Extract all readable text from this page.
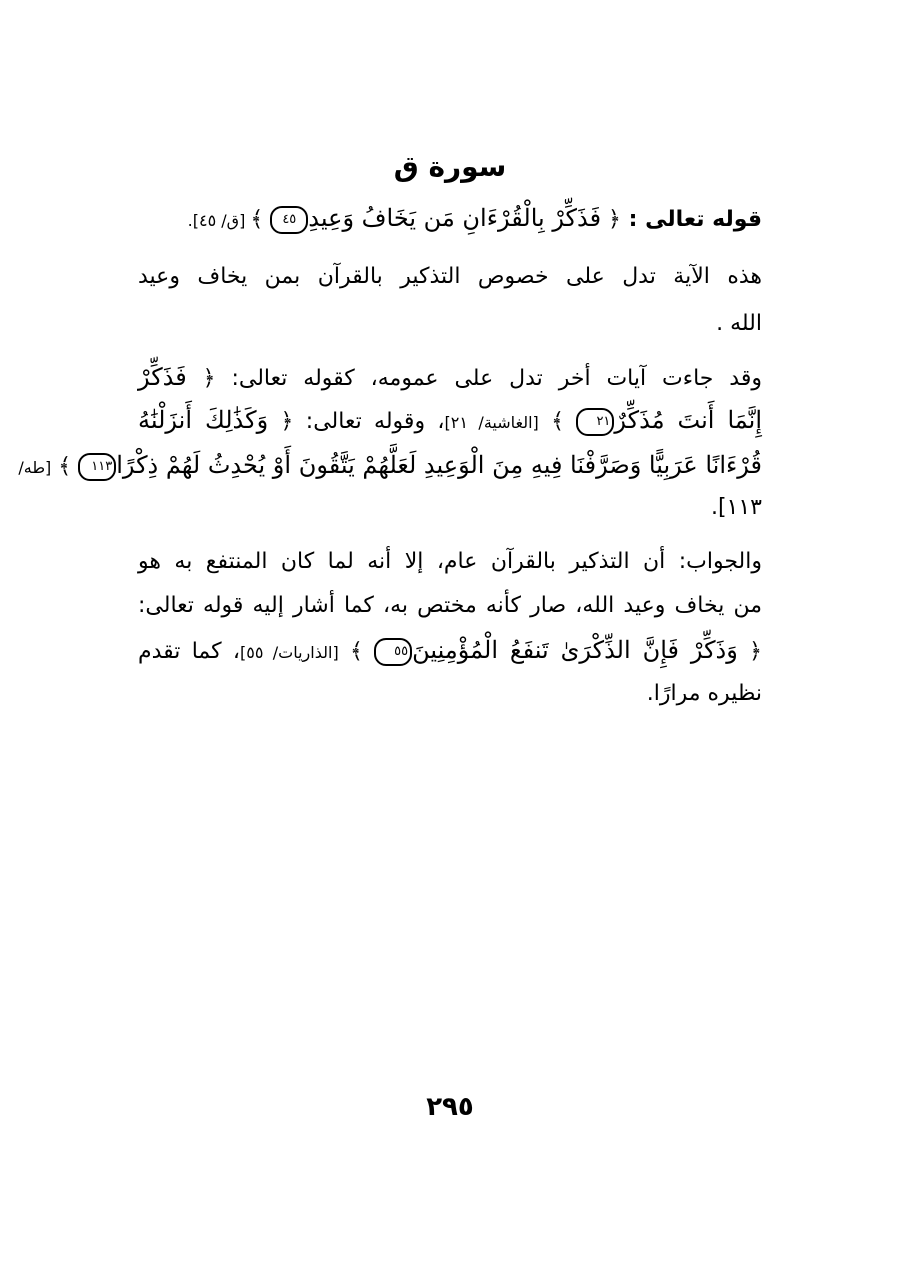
سورة ق
قوله تعالى : ﴿ فَذَكِّرْ بِالْقُرْءَانِ مَن يَخَافُ وَعِيدِ٤٥ ﴾ [ق/ ٤٥].
هذه الآية تدل على خصوص التذكير بالقرآن بمن يخاف وعيد
الله .
وقد جاءت آيات أخر تدل على عمومه، كقوله تعالى: ﴿ فَذَكِّرْ
إِنَّمَا أَنتَ مُذَكِّرٌ٢١ ﴾ [الغاشية/ ٢١]، وقوله تعالى: ﴿ وَكَذَٰلِكَ أَنزَلْنَٰهُ
قُرْءَانًا عَرَبِيًّا وَصَرَّفْنَا فِيهِ مِنَ الْوَعِيدِ لَعَلَّهُمْ يَتَّقُونَ أَوْ يُحْدِثُ لَهُمْ ذِكْرًا١١٣ ﴾ [طه/
١١٣].
والجواب: أن التذكير بالقرآن عام، إلا أنه لما كان المنتفع به هو
من يخاف وعيد الله، صار كأنه مختص به، كما أشار إليه قوله تعالى:
﴿ وَذَكِّرْ فَإِنَّ الذِّكْرَىٰ تَنفَعُ الْمُؤْمِنِينَ٥٥ ﴾ [الذاريات/ ٥٥]، كما تقدم
نظيره مرارًا.
٢٩٥
